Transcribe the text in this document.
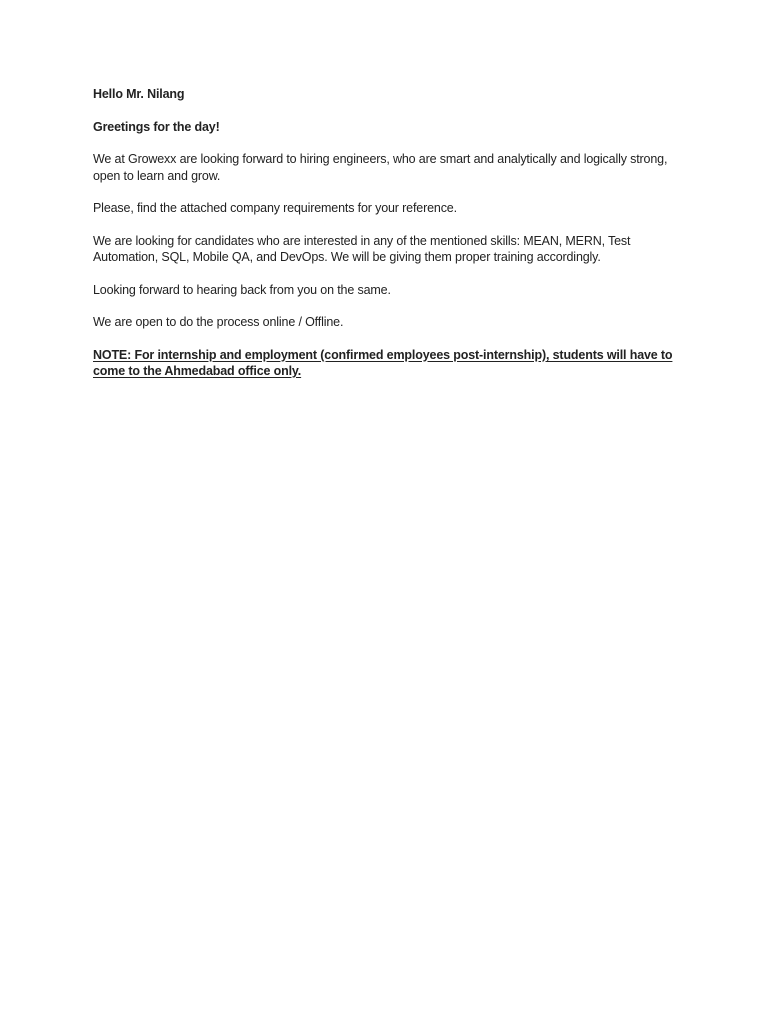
Hello Mr. Nilang

Greetings for the day!

We at Growexx are looking forward to hiring engineers, who are smart and analytically and logically strong, open to learn and grow.

Please, find the attached company requirements for your reference.

We are looking for candidates who are interested in any of the mentioned skills: MEAN, MERN, Test Automation, SQL, Mobile QA, and DevOps. We will be giving them proper training accordingly.

Looking forward to hearing back from you on the same.

We are open to do the process online / Offline.

NOTE: For internship and employment (confirmed employees post-internship), students will have to come to the Ahmedabad office only.
